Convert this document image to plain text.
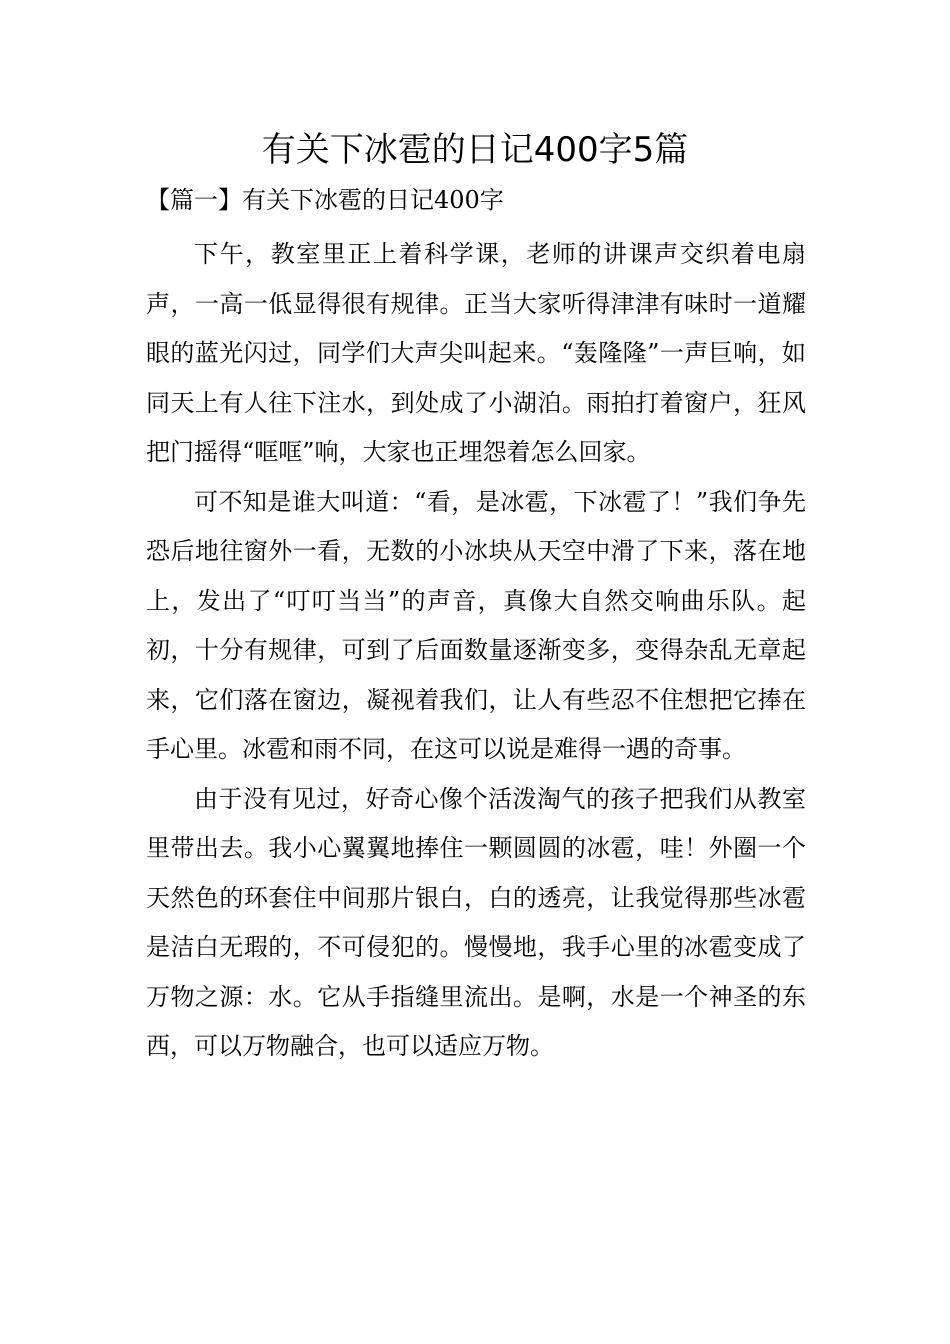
有关下冰雹的日记400字5篇
【篇一】有关下冰雹的日记400字

下午，教室里正上着科学课，老师的讲课声交织着电扇声，一高一低显得很有规律。正当大家听得津津有味时一道耀眼的蓝光闪过，同学们大声尖叫起来。“轰隆隆”一声巨响，如同天上有人往下注水，到处成了小湖泊。雨拍打着窗户，狂风把门摇得“哐哐”响，大家也正埋怨着怎么回家。

可不知是谁大叫道：“看，是冰雹，下冰雹了！”我们争先恐后地往窗外一看，无数的小冰块从天空中滑了下来，落在地上，发出了“叮叮当当”的声音，真像大自然交响曲乐队。起初，十分有规律，可到了后面数量逐渐变多，变得杂乱无章起来，它们落在窗边，凝视着我们，让人有些忍不住想把它捧在手心里。冰雹和雨不同，在这可以说是难得一遇的奇事。

由于没有见过，好奇心像个活泼淘气的孩子把我们从教室里带出去。我小心翼翼地捧住一颗圆圆的冰雹，哇！外圈一个天然色的环套住中间那片银白，白的透亮，让我觉得那些冰雹是洁白无瑕的，不可侵犯的。慢慢地，我手心里的冰雹变成了万物之源：水。它从手指缝里流出。是啊，水是一个神圣的东西，可以万物融合，也可以适应万物。
